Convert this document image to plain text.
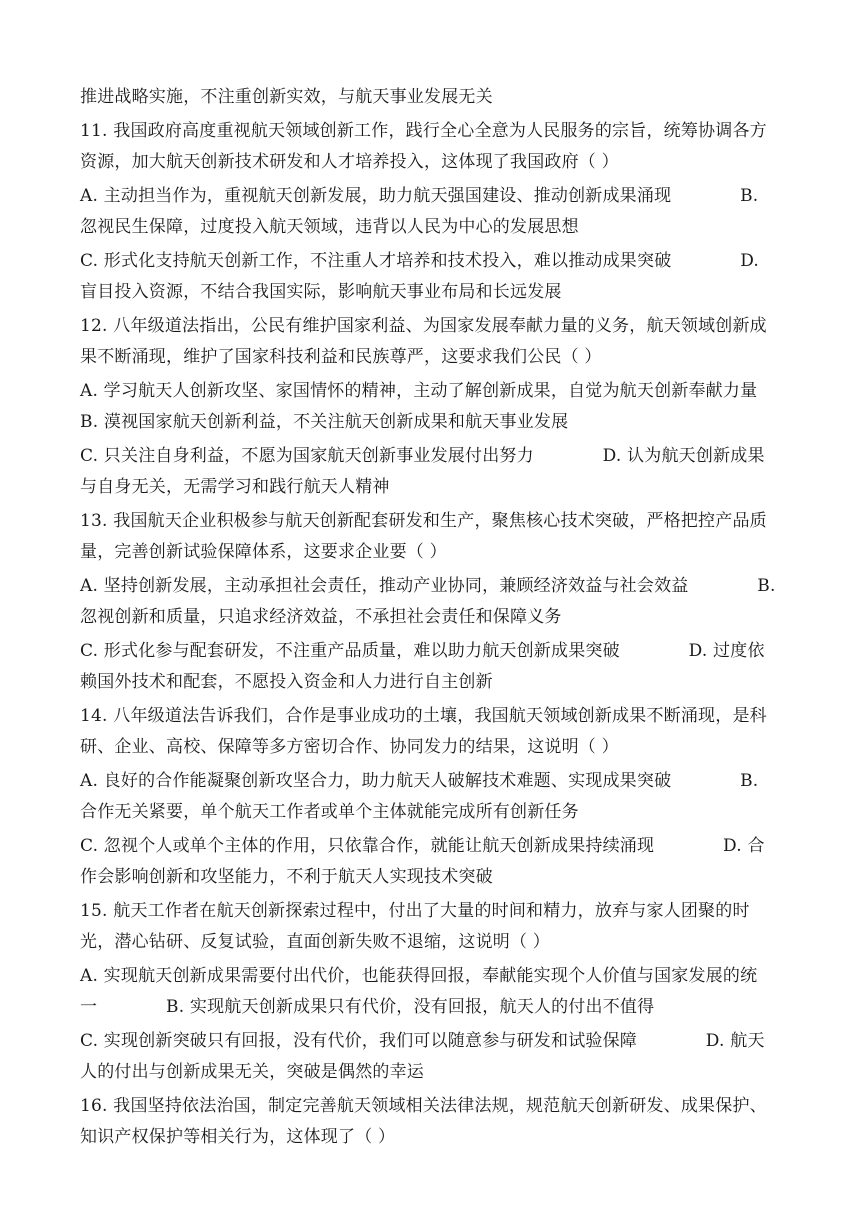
推进战略实施，不注重创新实效，与航天事业发展无关
11. 我国政府高度重视航天领域创新工作，践行全心全意为人民服务的宗旨，统筹协调各方
资源，加大航天创新技术研发和人才培养投入，这体现了我国政府（ ）
A. 主动担当作为，重视航天创新发展，助力航天强国建设、推动创新成果涌现　　　　B.
忽视民生保障，过度投入航天领域，违背以人民为中心的发展思想
C. 形式化支持航天创新工作，不注重人才培养和技术投入，难以推动成果突破　　　　D.
盲目投入资源，不结合我国实际，影响航天事业布局和长远发展
12. 八年级道法指出，公民有维护国家利益、为国家发展奉献力量的义务，航天领域创新成
果不断涌现，维护了国家科技利益和民族尊严，这要求我们公民（ ）
A. 学习航天人创新攻坚、家国情怀的精神，主动了解创新成果，自觉为航天创新奉献力量
B. 漠视国家航天创新利益，不关注航天创新成果和航天事业发展
C. 只关注自身利益，不愿为国家航天创新事业发展付出努力　　　　D. 认为航天创新成果
与自身无关，无需学习和践行航天人精神
13. 我国航天企业积极参与航天创新配套研发和生产，聚焦核心技术突破，严格把控产品质
量，完善创新试验保障体系，这要求企业要（ ）
A. 坚持创新发展，主动承担社会责任，推动产业协同，兼顾经济效益与社会效益　　　　B.
忽视创新和质量，只追求经济效益，不承担社会责任和保障义务
C. 形式化参与配套研发，不注重产品质量，难以助力航天创新成果突破　　　　D. 过度依
赖国外技术和配套，不愿投入资金和人力进行自主创新
14. 八年级道法告诉我们，合作是事业成功的土壤，我国航天领域创新成果不断涌现，是科
研、企业、高校、保障等多方密切合作、协同发力的结果，这说明（ ）
A. 良好的合作能凝聚创新攻坚合力，助力航天人破解技术难题、实现成果突破　　　　B.
合作无关紧要，单个航天工作者或单个主体就能完成所有创新任务
C. 忽视个人或单个主体的作用，只依靠合作，就能让航天创新成果持续涌现　　　　D. 合
作会影响创新和攻坚能力，不利于航天人实现技术突破
15. 航天工作者在航天创新探索过程中，付出了大量的时间和精力，放弃与家人团聚的时
光，潜心钻研、反复试验，直面创新失败不退缩，这说明（ ）
A. 实现航天创新成果需要付出代价，也能获得回报，奉献能实现个人价值与国家发展的统
一　　　　B. 实现航天创新成果只有代价，没有回报，航天人的付出不值得
C. 实现创新突破只有回报，没有代价，我们可以随意参与研发和试验保障　　　　D. 航天
人的付出与创新成果无关，突破是偶然的幸运
16. 我国坚持依法治国，制定完善航天领域相关法律法规，规范航天创新研发、成果保护、
知识产权保护等相关行为，这体现了（ ）
